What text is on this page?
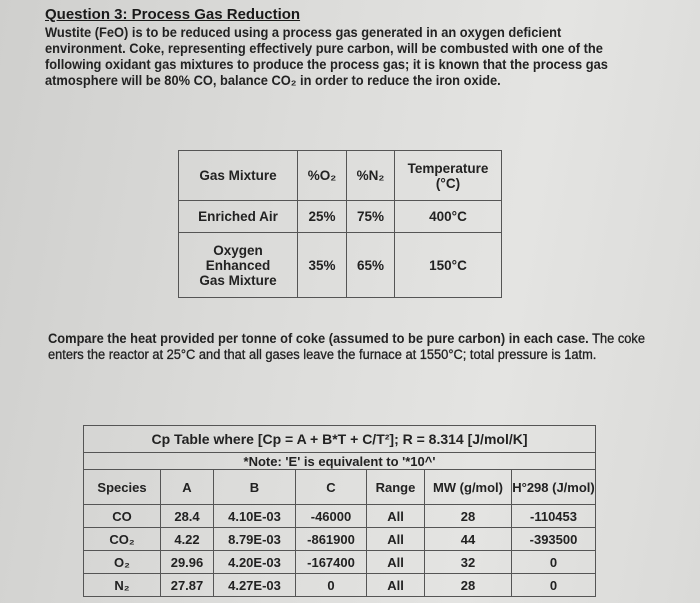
Question 3: Process Gas Reduction
Wustite (FeO) is to be reduced using a process gas generated in an oxygen deficient environment. Coke, representing effectively pure carbon, will be combusted with one of the following oxidant gas mixtures to produce the process gas; it is known that the process gas atmosphere will be 80% CO, balance CO₂ in order to reduce the iron oxide.
Gas Mixture	%O₂	%N₂	Temperature (°C)
Enriched Air	25%	75%	400°C
Oxygen Enhanced Gas Mixture	35%	65%	150°C
Compare the heat provided per tonne of coke (assumed to be pure carbon) in each case. The coke enters the reactor at 25°C and that all gases leave the furnace at 1550°C; total pressure is 1atm.
Cp Table where [Cp = A + B*T + C/T²]; R = 8.314 [J/mol/K]						
*Note: 'E' is equivalent to '*10^'						
Species	A	B	C	Range	MW (g/mol)	H°298 (J/mol)
CO	28.4	4.10E-03	-46000	All	28	-110453
CO₂	4.22	8.79E-03	-861900	All	44	-393500
O₂	29.96	4.20E-03	-167400	All	32	0
N₂	27.87	4.27E-03	0	All	28	0
